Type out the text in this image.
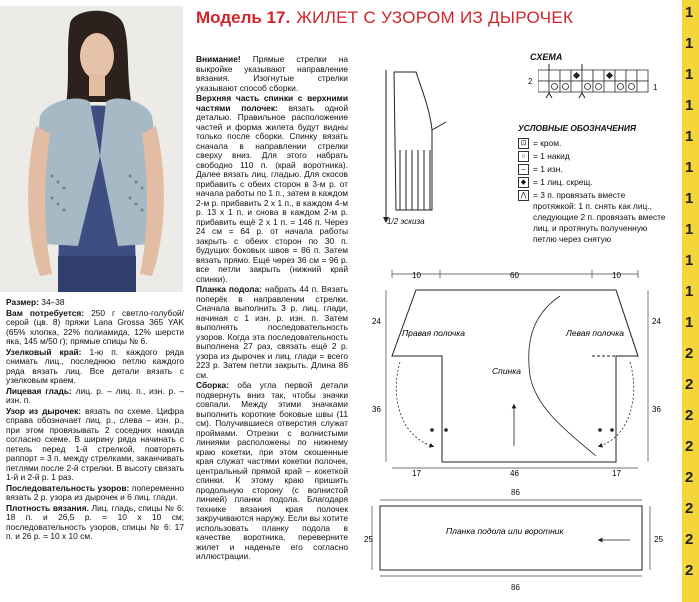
Модель 17. ЖИЛЕТ С УЗОРОМ ИЗ ДЫРОЧЕК

Размер: 34–38

Вам потребуется: 250 г светло-голубой/серой (цв. 8) пряжи Lana Grossa 365 YAK (65% хлопка, 22% полиамида, 12% шерсти яка, 145 м/50 г); прямые спицы № 6.

Узелковый край: 1-ю п. каждого ряда снимать лиц., последнюю петлю каждого ряда вязать лиц. Все детали вязать с узелковым краем.

Лицевая гладь: лиц. р. – лиц. п., изн. р. – изн. п.

Узор из дырочек: вязать по схеме. Цифра справа обозначает лиц. р., слева – изн. р., при этом провязывать 2 соседних накида согласно схеме. В ширину ряда начинать с петель перед 1-й стрелкой, повторять раппорт = 3 п. между стрелками, заканчивать петлями после 2-й стрелки. В высоту связать 1-й и 2-й р. 1 раз.

Последовательность узоров: попеременно вязать 2 р. узора из дырочек и 6 лиц. глади.

Плотность вязания. Лиц. гладь, спицы № 6: 18 п. и 26,5 р. = 10 х 10 см; последовательность узоров, спицы № 6: 17 п. и 26 р. = 10 х 10 см.

Внимание! Прямые стрелки на выкройке указывают направление вязания. Изогнутые стрелки указывают способ сборки.

Верхняя часть спинки с верхними частями полочек: вязать одной деталью. Правильное расположение частей и форма жилета будут видны только после сборки. Спинку вязать сначала в направлении стрелки сверху вниз. Для этого набрать свободно 110 п. (край воротника). Далее вязать лиц. гладью. Для скосов прибавить с обеих сторон в 3-м р. от начала работы по 1 п., затем в каждом 2-м р. прибавить 2 х 1 п., в каждом 4-м р. 13 х 1 п. и снова в каждом 2-м р. прибавить ещё 2 х 1 п. = 146 п. Через 24 см = 64 р. от начала работы закрыть с обеих сторон по 30 п. будущих боковых швов = 86 п. Затем вязать прямо. Ещё через 36 см = 96 р. все петли закрыть (нижний край спинки).

Планка подола: набрать 44 п. Вязать поперёк в направлении стрелки. Сначала выполнить 3 р. лиц. глади, начиная с 1 изн. р. изн. п. Затем выполнять последовательность узоров. Когда эта последовательность выполнена 27 раз, связать ещё 2 р. узора из дырочек и лиц. глади = всего 223 р. Затем петли закрыть. Длина 86 см.

Сборка: оба угла первой детали подвернуть вниз так, чтобы значки совпали. Между этими значками выполнить короткие боковые швы (11 см). Получившиеся отверстия служат проймами. Отрезки с волнистыми линиями расположены по нижнему краю кокетки, при этом скошенные края служат частями кокетки полочек, центральный прямой край – кокеткой спинки. К этому краю пришить продольную сторону (с волнистой линией) планки подола. Благодаря технике вязания края полочек закручиваются наружу. Если вы хотите использовать планку подола в качестве воротника, переверните жилет и наденьте его согласно иллюстрации.

1/2 эскиза
СХЕМА
2
1
УСЛОВНЫЕ ОБОЗНАЧЕНИЯ
⊡ = кром.
○ = 1 накид
– = 1 изн.
◆ = 1 лиц. скрещ.
⋀ = 3 п. провязать вместе протяжкой: 1 п. снять как лиц., следующие 2 п. провязать вместе лиц. и протянуть полученную петлю через снятую
10	60	10
24
36
24
36
Правая полочка	Левая полочка
Спинка
17	46	17
86
25	25
Планка подола или воротник
86
1
1
1
1
1
1
1
1
1
1
1
2
2
2
2
2
2
2
2
